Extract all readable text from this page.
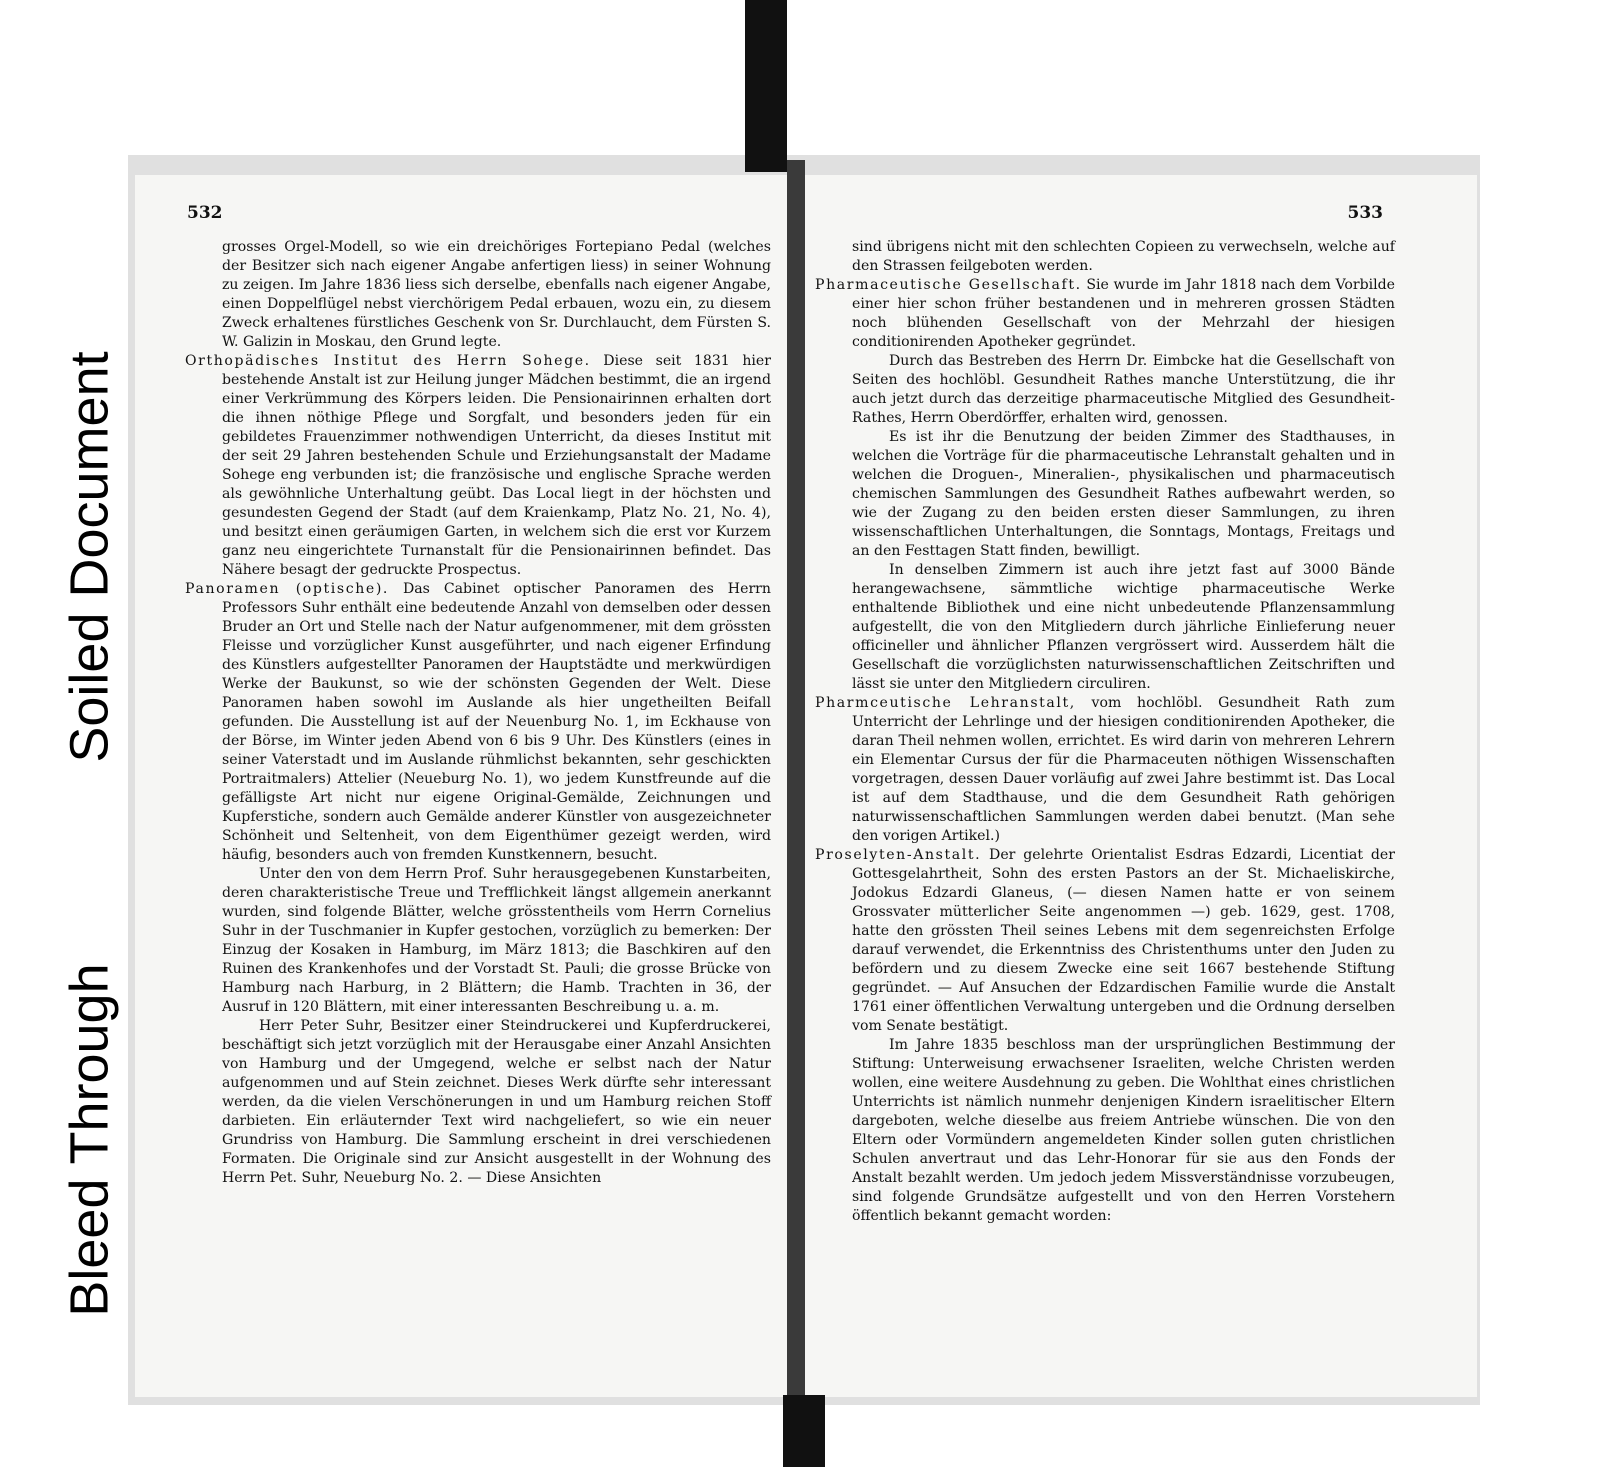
532

grosses Orgel-Modell, so wie ein dreichöriges Fortepiano Pedal (welches der Besitzer sich nach eigener Angabe anfertigen liess) in seiner Wohnung zu zeigen. Im Jahre 1836 liess sich derselbe, ebenfalls nach eigener Angabe, einen Doppelflügel nebst vierchörigem Pedal erbauen, wozu ein, zu diesem Zweck erhaltenes fürstliches Geschenk von Sr. Durchlaucht, dem Fürsten S. W. Galizin in Moskau, den Grund legte.

Orthopädisches Institut des Herrn Sohege. Diese seit 1831 hier bestehende Anstalt ist zur Heilung junger Mädchen bestimmt, die an irgend einer Verkrümmung des Körpers leiden. Die Pensionairinnen erhalten dort die ihnen nöthige Pflege und Sorgfalt, und besonders jeden für ein gebildetes Frauenzimmer nothwendigen Unterricht, da dieses Institut mit der seit 29 Jahren bestehenden Schule und Erziehungsanstalt der Madame Sohege eng verbunden ist; die französische und englische Sprache werden als gewöhnliche Unterhaltung geübt. Das Local liegt in der höchsten und gesundesten Gegend der Stadt (auf dem Kraienkamp, Platz No. 21, No. 4), und besitzt einen geräumigen Garten, in welchem sich die erst vor Kurzem ganz neu eingerichtete Turnanstalt für die Pensionairinnen befindet. Das Nähere besagt der gedruckte Prospectus.

Panoramen (optische). Das Cabinet optischer Panoramen des Herrn Professors Suhr enthält eine bedeutende Anzahl von demselben oder dessen Bruder an Ort und Stelle nach der Natur aufgenommener, mit dem grössten Fleisse und vorzüglicher Kunst ausgeführter, und nach eigener Erfindung des Künstlers aufgestellter Panoramen der Hauptstädte und merkwürdigen Werke der Baukunst, so wie der schönsten Gegenden der Welt. Diese Panoramen haben sowohl im Auslande als hier ungetheilten Beifall gefunden. Die Ausstellung ist auf der Neuenburg No. 1, im Eckhause von der Börse, im Winter jeden Abend von 6 bis 9 Uhr. Des Künstlers (eines in seiner Vaterstadt und im Auslande rühmlichst bekannten, sehr geschickten Portraitmalers) Attelier (Neueburg No. 1), wo jedem Kunstfreunde auf die gefälligste Art nicht nur eigene Original-Gemälde, Zeichnungen und Kupferstiche, sondern auch Gemälde anderer Künstler von ausgezeichneter Schönheit und Seltenheit, von dem Eigenthümer gezeigt werden, wird häufig, besonders auch von fremden Kunstkennern, besucht.

Unter den von dem Herrn Prof. Suhr herausgegebenen Kunstarbeiten, deren charakteristische Treue und Trefflichkeit längst allgemein anerkannt wurden, sind folgende Blätter, welche grösstentheils vom Herrn Cornelius Suhr in der Tuschmanier in Kupfer gestochen, vorzüglich zu bemerken: Der Einzug der Kosaken in Hamburg, im März 1813; die Baschkiren auf den Ruinen des Krankenhofes und der Vorstadt St. Pauli; die grosse Brücke von Hamburg nach Harburg, in 2 Blättern; die Hamb. Trachten in 36, der Ausruf in 120 Blättern, mit einer interessanten Beschreibung u. a. m.

Herr Peter Suhr, Besitzer einer Steindruckerei und Kupferdruckerei, beschäftigt sich jetzt vorzüglich mit der Herausgabe einer Anzahl Ansichten von Hamburg und der Umgegend, welche er selbst nach der Natur aufgenommen und auf Stein zeichnet. Dieses Werk dürfte sehr interessant werden, da die vielen Verschönerungen in und um Hamburg reichen Stoff darbieten. Ein erläuternder Text wird nachgeliefert, so wie ein neuer Grundriss von Hamburg. Die Sammlung erscheint in drei verschiedenen Formaten. Die Originale sind zur Ansicht ausgestellt in der Wohnung des Herrn Pet. Suhr, Neueburg No. 2. — Diese Ansichten

533

sind übrigens nicht mit den schlechten Copieen zu verwechseln, welche auf den Strassen feilgeboten werden.

Pharmaceutische Gesellschaft. Sie wurde im Jahr 1818 nach dem Vorbilde einer hier schon früher bestandenen und in mehreren grossen Städten noch blühenden Gesellschaft von der Mehrzahl der hiesigen conditionirenden Apotheker gegründet.

Durch das Bestreben des Herrn Dr. Eimbcke hat die Gesellschaft von Seiten des hochlöbl. Gesundheit Rathes manche Unterstützung, die ihr auch jetzt durch das derzeitige pharmaceutische Mitglied des Gesundheit-Rathes, Herrn Oberdörffer, erhalten wird, genossen.

Es ist ihr die Benutzung der beiden Zimmer des Stadthauses, in welchen die Vorträge für die pharmaceutische Lehranstalt gehalten und in welchen die Droguen-, Mineralien-, physikalischen und pharmaceutisch chemischen Sammlungen des Gesundheit Rathes aufbewahrt werden, so wie der Zugang zu den beiden ersten dieser Sammlungen, zu ihren wissenschaftlichen Unterhaltungen, die Sonntags, Montags, Freitags und an den Festtagen Statt finden, bewilligt.

In denselben Zimmern ist auch ihre jetzt fast auf 3000 Bände herangewachsene, sämmtliche wichtige pharmaceutische Werke enthaltende Bibliothek und eine nicht unbedeutende Pflanzensammlung aufgestellt, die von den Mitgliedern durch jährliche Einlieferung neuer officineller und ähnlicher Pflanzen vergrössert wird. Ausserdem hält die Gesellschaft die vorzüglichsten naturwissenschaftlichen Zeitschriften und lässt sie unter den Mitgliedern circuliren.

Pharmceutische Lehranstalt, vom hochlöbl. Gesundheit Rath zum Unterricht der Lehrlinge und der hiesigen conditionirenden Apotheker, die daran Theil nehmen wollen, errichtet. Es wird darin von mehreren Lehrern ein Elementar Cursus der für die Pharmaceuten nöthigen Wissenschaften vorgetragen, dessen Dauer vorläufig auf zwei Jahre bestimmt ist. Das Local ist auf dem Stadthause, und die dem Gesundheit Rath gehörigen naturwissenschaftlichen Sammlungen werden dabei benutzt. (Man sehe den vorigen Artikel.)

Proselyten-Anstalt. Der gelehrte Orientalist Esdras Edzardi, Licentiat der Gottesgelahrtheit, Sohn des ersten Pastors an der St. Michaeliskirche, Jodokus Edzardi Glaneus, (— diesen Namen hatte er von seinem Grossvater mütterlicher Seite angenommen —) geb. 1629, gest. 1708, hatte den grössten Theil seines Lebens mit dem segenreichsten Erfolge darauf verwendet, die Erkenntniss des Christenthums unter den Juden zu befördern und zu diesem Zwecke eine seit 1667 bestehende Stiftung gegründet. — Auf Ansuchen der Edzardischen Familie wurde die Anstalt 1761 einer öffentlichen Verwaltung untergeben und die Ordnung derselben vom Senate bestätigt.

Im Jahre 1835 beschloss man der ursprünglichen Bestimmung der Stiftung: Unterweisung erwachsener Israeliten, welche Christen werden wollen, eine weitere Ausdehnung zu geben. Die Wohlthat eines christlichen Unterrichts ist nämlich nunmehr denjenigen Kindern israelitischer Eltern dargeboten, welche dieselbe aus freiem Antriebe wünschen. Die von den Eltern oder Vormündern angemeldeten Kinder sollen guten christlichen Schulen anvertraut und das Lehr-Honorar für sie aus den Fonds der Anstalt bezahlt werden. Um jedoch jedem Missverständnisse vorzubeugen, sind folgende Grundsätze aufgestellt und von den Herren Vorstehern öffentlich bekannt gemacht worden:

Soiled Document
Bleed Through
